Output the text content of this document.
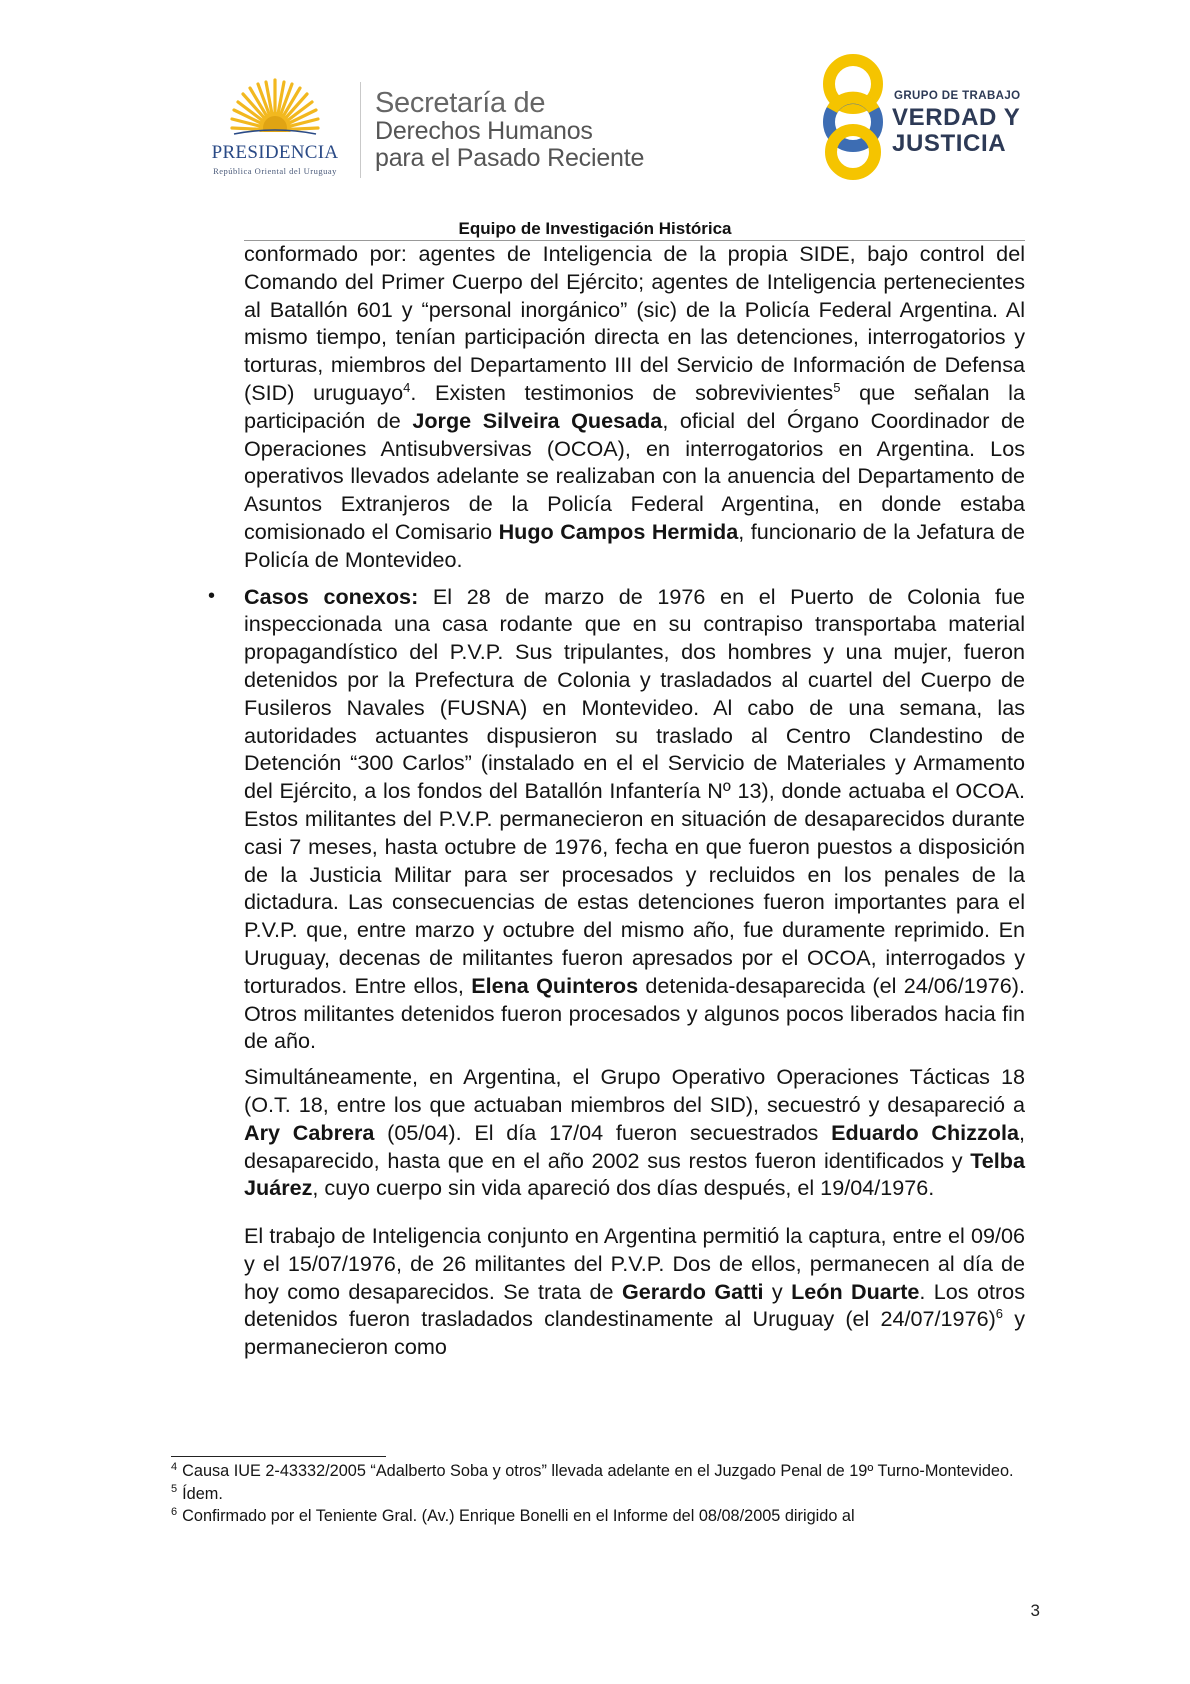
PRESIDENCIA
República Oriental del Uruguay
Secretaría de
Derechos Humanos
para el Pasado Reciente
GRUPO DE TRABAJO
VERDAD Y
JUSTICIA
Equipo de Investigación Histórica

conformado por: agentes de Inteligencia de la propia SIDE, bajo control del Comando del Primer Cuerpo del Ejército; agentes de Inteligencia pertenecientes al Batallón 601 y “personal inorgánico” (sic) de la Policía Federal Argentina. Al mismo tiempo, tenían participación directa en las detenciones, interrogatorios y torturas, miembros del Departamento III del Servicio de Información de Defensa (SID) uruguayo$^4$. Existen testimonios de sobrevivientes$^5$ que señalan la participación de Jorge Silveira Quesada, oficial del Órgano Coordinador de Operaciones Antisubversivas (OCOA), en interrogatorios en Argentina. Los operativos llevados adelante se realizaban con la anuencia del Departamento de Asuntos Extranjeros de la Policía Federal Argentina, en donde estaba comisionado el Comisario Hugo Campos Hermida, funcionario de la Jefatura de Policía de Montevideo.

• Casos conexos: El 28 de marzo de 1976 en el Puerto de Colonia fue inspeccionada una casa rodante que en su contrapiso transportaba material propagandístico del P.V.P. Sus tripulantes, dos hombres y una mujer, fueron detenidos por la Prefectura de Colonia y trasladados al cuartel del Cuerpo de Fusileros Navales (FUSNA) en Montevideo. Al cabo de una semana, las autoridades actuantes dispusieron su traslado al Centro Clandestino de Detención “300 Carlos” (instalado en el el Servicio de Materiales y Armamento del Ejército, a los fondos del Batallón Infantería Nº 13), donde actuaba el OCOA. Estos militantes del P.V.P. permanecieron en situación de desaparecidos durante casi 7 meses, hasta octubre de 1976, fecha en que fueron puestos a disposición de la Justicia Militar para ser procesados y recluidos en los penales de la dictadura. Las consecuencias de estas detenciones fueron importantes para el P.V.P. que, entre marzo y octubre del mismo año, fue duramente reprimido. En Uruguay, decenas de militantes fueron apresados por el OCOA, interrogados y torturados. Entre ellos, Elena Quinteros detenida-desaparecida (el 24/06/1976). Otros militantes detenidos fueron procesados y algunos pocos liberados hacia fin de año.

Simultáneamente, en Argentina, el Grupo Operativo Operaciones Tácticas 18 (O.T. 18, entre los que actuaban miembros del SID), secuestró y desapareció a Ary Cabrera (05/04). El día 17/04 fueron secuestrados Eduardo Chizzola, desaparecido, hasta que en el año 2002 sus restos fueron identificados y Telba Juárez, cuyo cuerpo sin vida apareció dos días después, el 19/04/1976.

El trabajo de Inteligencia conjunto en Argentina permitió la captura, entre el 09/06 y el 15/07/1976, de 26 militantes del P.V.P. Dos de ellos, permanecen al día de hoy como desaparecidos. Se trata de Gerardo Gatti y León Duarte. Los otros detenidos fueron trasladados clandestinamente al Uruguay (el 24/07/1976)$^6$ y permanecieron como

$^4$ Causa IUE 2-43332/2005 “Adalberto Soba y otros” llevada adelante en el Juzgado Penal de 19º Turno-Montevideo.

$^5$ Ídem.

$^6$ Confirmado por el Teniente Gral. (Av.) Enrique Bonelli en el Informe del 08/08/2005 dirigido al

3
